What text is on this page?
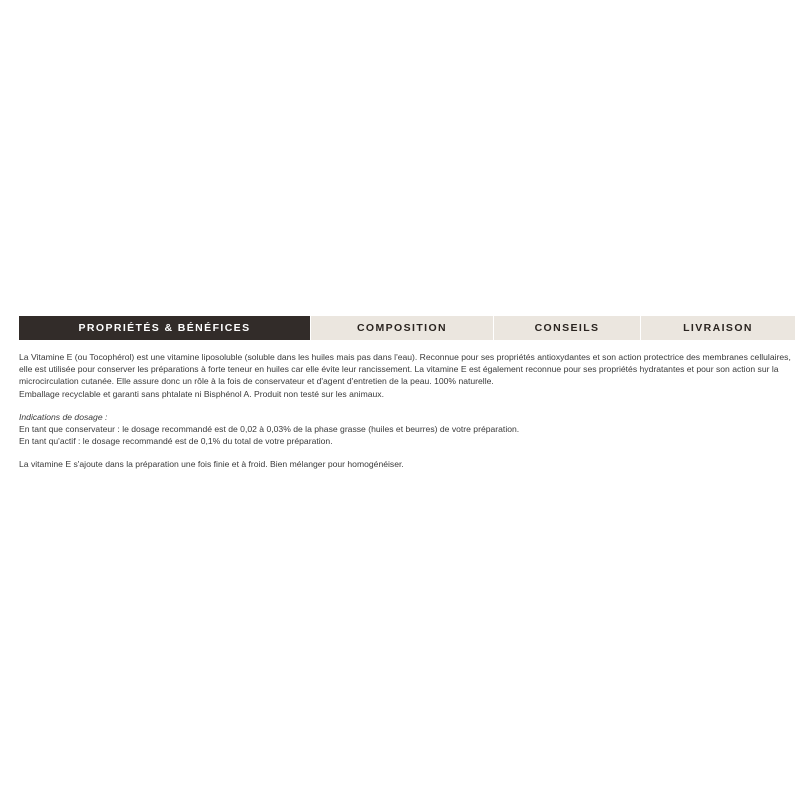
PROPRIÉTÉS & BÉNÉFICES	COMPOSITION	CONSEILS	LIVRAISON

La Vitamine E (ou Tocophérol) est une vitamine liposoluble (soluble dans les huiles mais pas dans l'eau). Reconnue pour ses propriétés antioxydantes et son action protectrice des membranes cellulaires, elle est utilisée pour conserver les préparations à forte teneur en huiles car elle évite leur rancissement. La vitamine E est également reconnue pour ses propriétés hydratantes et pour son action sur la microcirculation cutanée. Elle assure donc un rôle à la fois de conservateur et d'agent d'entretien de la peau. 100% naturelle.

Emballage recyclable et garanti sans phtalate ni Bisphénol A. Produit non testé sur les animaux.

Indications de dosage :

En tant que conservateur : le dosage recommandé est de 0,02 à 0,03% de la phase grasse (huiles et beurres) de votre préparation.

En tant qu'actif : le dosage recommandé est de 0,1% du total de votre préparation.

La vitamine E s'ajoute dans la préparation une fois finie et à froid. Bien mélanger pour homogénéiser.
